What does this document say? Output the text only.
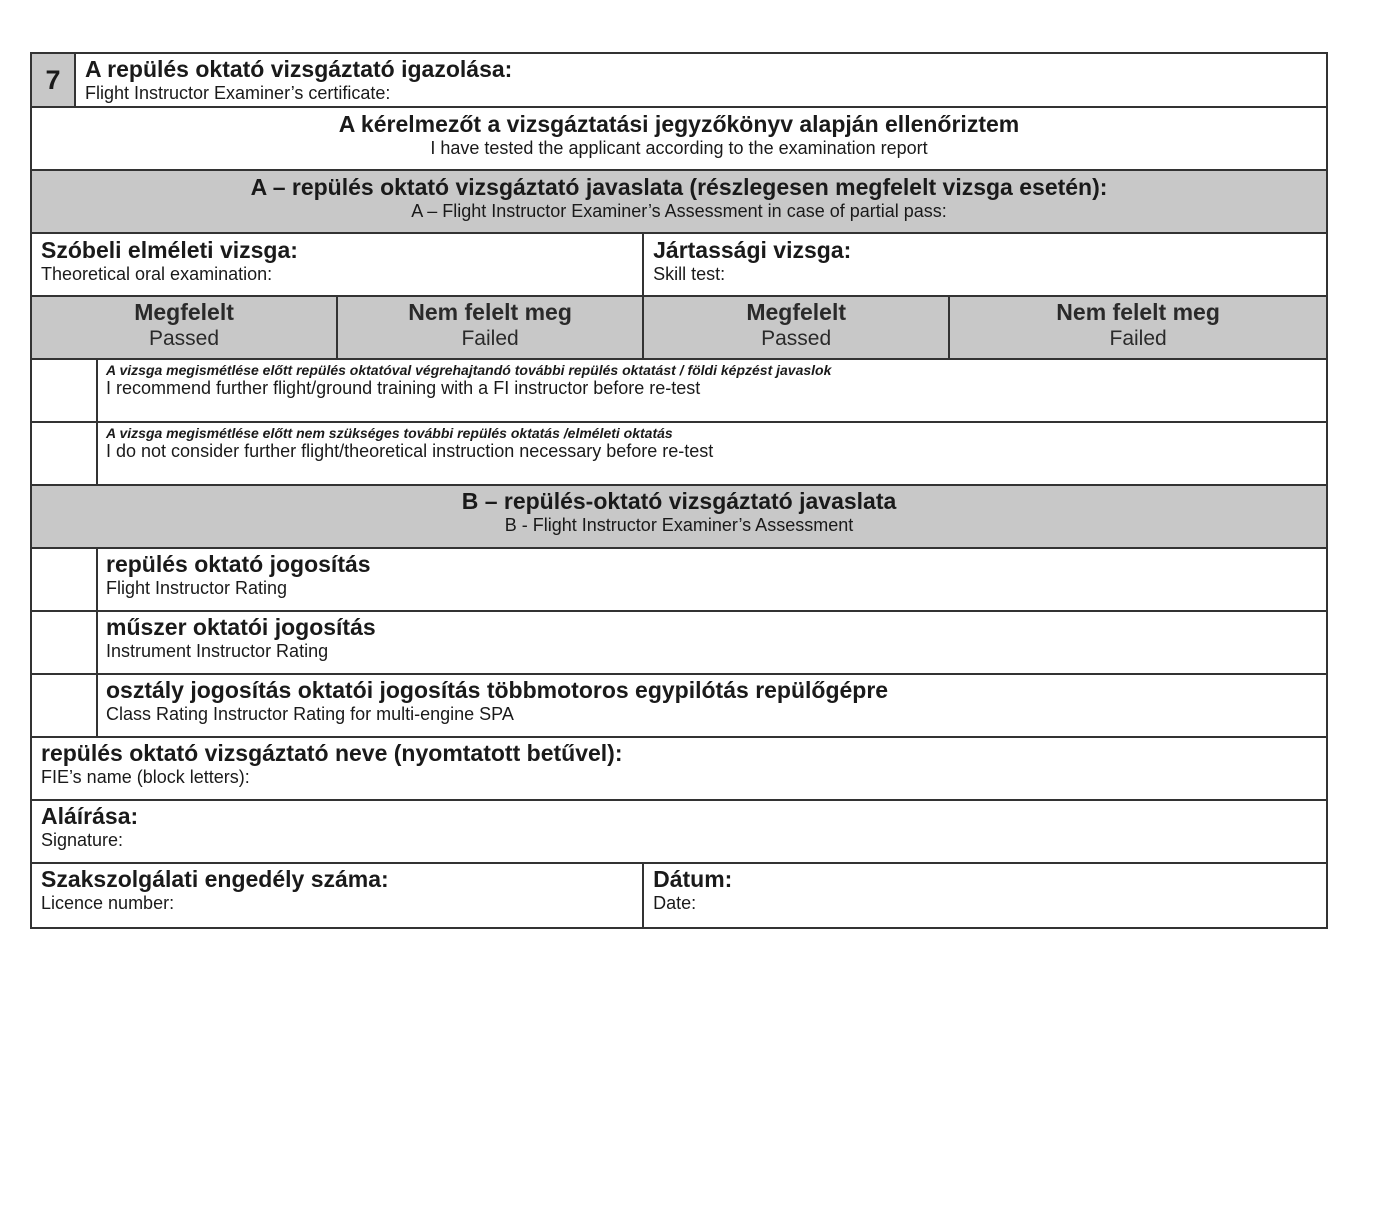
7	A repülés oktató vizsgáztató igazolása:
Flight Instructor Examiner’s certificate:
A kérelmezőt a vizsgáztatási jegyzőkönyv alapján ellenőriztem
I have tested the applicant according to the examination report
A – repülés oktató vizsgáztató javaslata (részlegesen megfelelt vizsga esetén):
A – Flight Instructor Examiner’s Assessment in case of partial pass:
Szóbeli elméleti vizsga:
Theoretical oral examination:
Jártassági vizsga:
Skill test:
Megfelelt
Passed
Nem felelt meg
Failed
Megfelelt
Passed
Nem felelt meg
Failed
A vizsga megismétlése előtt repülés oktatóval végrehajtandó további repülés oktatást / földi képzést javaslok
I recommend further flight/ground training with a FI instructor before re-test
A vizsga megismétlése előtt nem szükséges további repülés oktatás /elméleti oktatás
I do not consider further flight/theoretical instruction necessary before re-test
B – repülés-oktató vizsgáztató javaslata
B - Flight Instructor Examiner’s Assessment
repülés oktató jogosítás
Flight Instructor Rating
műszer oktatói jogosítás
Instrument Instructor Rating
osztály jogosítás oktatói jogosítás többmotoros egypilótás repülőgépre
Class Rating Instructor Rating for multi-engine SPA
repülés oktató vizsgáztató neve (nyomtatott betűvel):
FIE’s name (block letters):
Aláírása:
Signature:
Szakszolgálati engedély száma:
Licence number:
Dátum:
Date:
